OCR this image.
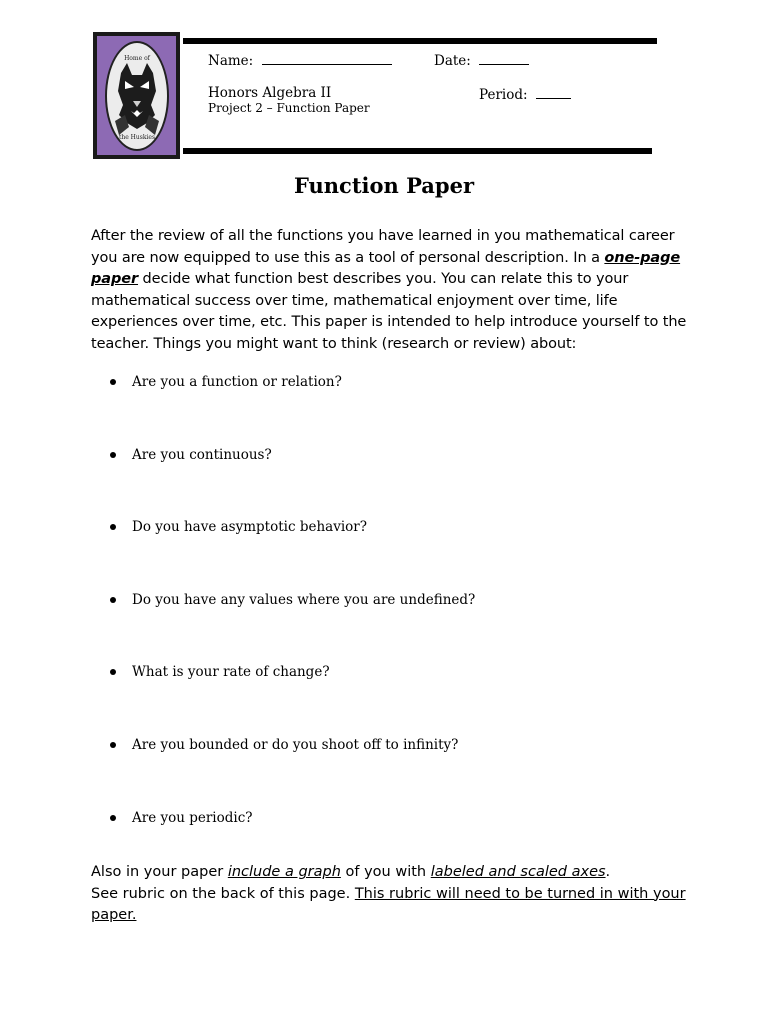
Home of
the Huskies
Name:	Date:
Honors Algebra II	Period:
Project 2 – Function Paper
Function Paper
After the review of all the functions you have learned in you mathematical career you are now equipped to use this as a tool of personal description. In a one-page paper decide what function best describes you. You can relate this to your mathematical success over time, mathematical enjoyment over time, life experiences over time, etc. This paper is intended to help introduce yourself to the teacher. Things you might want to think (research or review) about:
Are you a function or relation?
Are you continuous?
Do you have asymptotic behavior?
Do you have any values where you are undefined?
What is your rate of change?
Are you bounded or do you shoot off to infinity?
Are you periodic?
Also in your paper include a graph of you with labeled and scaled axes.
See rubric on the back of this page. This rubric will need to be turned in with your paper.
